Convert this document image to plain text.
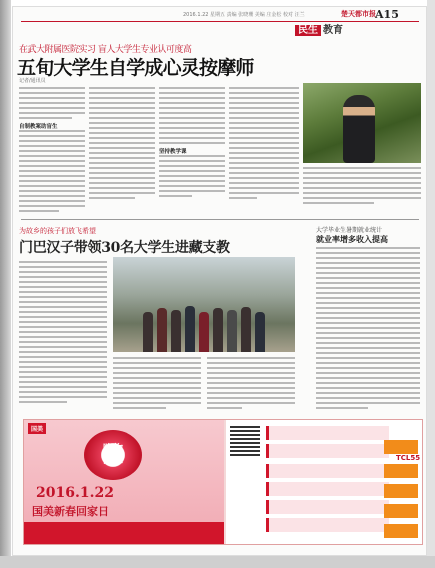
2016.1.22 星期五 责编 张晓珊 美编 庄金松 校对 汪兰	楚天都市报 A15
民生 教育
在武大附属医院实习 盲人大学生专业认可度高
五旬大学生自学成心灵按摩师
记者/通讯员
自制教案助盲生
坚持教学课
为故乡的孩子们放飞希望
门巴汉子带领30名大学生进藏支教
大学毕业生暑期就业统计
就业率增多收入提高
国美
购物
回家
2016.1.22
国美新春回家日
TCL55
